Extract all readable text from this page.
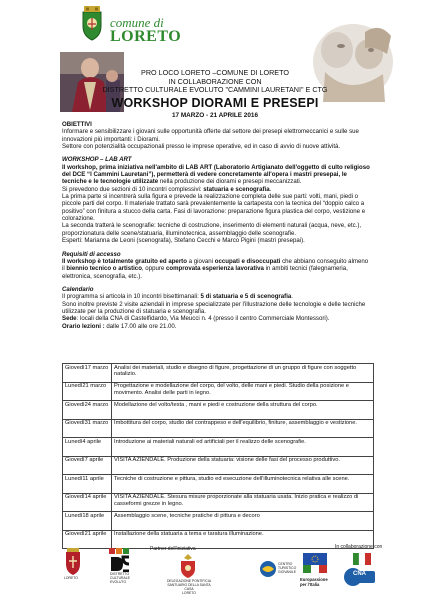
comune di
LORETO
PRO LOCO LORETO –COMUNE DI LORETO
IN COLLABORAZIONE CON
DISTRETTO CULTURALE EVOLUTO "CAMMINI LAURETANI" E CTG
WORKSHOP DIORAMI E PRESEPI
17 MARZO - 21 APRILE 2016

OBIETTIVI

Informare e sensibilizzare i giovani sulle opportunità offerte dal settore dei presepi elettromeccanici e sulle sue innovazioni più importanti: i Diorami.

Settore con potenzialità occupazionali presso le imprese operative, ed in caso di avvio di nuove attività.

WORKSHOP – LAB ART

Il workshop, prima iniziativa nell'ambito di LAB ART (Laboratorio Artigianato dell'oggetto di culto religioso del DCE “I Cammini Lauretani”), permetterà di vedere concretamente all'opera i mastri presepai, le tecniche e le tecnologie utilizzate nella produzione dei diorami e presepi meccanizzati.

Si prevedono due sezioni di 10 incontri complessivi: statuaria e scenografia.

La prima parte si incentrerà sulla figura e prevede la realizzazione completa delle sue parti: volti, mani, piedi o piccole parti del corpo. Il materiale trattato sarà prevalentemente la cartapesta con la tecnica del “doppio calco a positivo” con finitura a stucco della carta. Fasi di lavorazione: preparazione figura plastica del corpo, vestizione e colorazione.

La seconda tratterà le scenografie: tecniche di costruzione, inserimento di elementi naturali (acqua, neve, etc.), proporzionatura delle scene/statuaria, illuminotecnica, assemblaggio delle scenografie.

Esperti: Marianna de Leoni (scenografa), Stefano Cecchi e Marco Pigini (mastri presepai).

Requisiti di accesso

Il workshop è totalmente gratuito ed aperto a giovani occupati e disoccupati che abbiano conseguito almeno il biennio tecnico o artistico, oppure comprovata esperienza lavorativa in ambiti tecnici (falegnameria, elettronica, scenografia, etc.).

Calendario

Il programma si articola in 10 incontri bisettimanali: 5 di statuaria e 5 di scenografia.

Sono inoltre previste 2 visite aziendali in imprese specializzate per l'illustrazione delle tecnologie e delle tecniche utilizzate per la produzione di statuaria e scenografia.

Sede: locali della CNA di Castelfidardo, Via Meucci n. 4 (presso il centro Commerciale Montessori).

Orario lezioni : dalle 17.00 alle ore 21.00.

Giovedì17 marzo	Analisi dei materiali, studio e disegno di figure, progettazione di un gruppo di figure con soggetto natalizio.
Lunedì21 marzo	Progettazione e modellazione del corpo, del volto, delle mani e piedi. Studio della posizione e movimento. Analisi delle parti in legno.
Giovedì24 marzo	Modellazione del volto/testa , mani e piedi e costruzione della struttura del corpo.
Giovedì31 marzo	Imbottitura del corpo, studio del contrappeso e dell'equilibrio, finiture, assemblaggio e vestizione.
Lunedì4 aprile	Introduzione ai materiali naturali ed artificiali per il realizzo delle scenografie.
Giovedì7 aprile	VISITA AZIENDALE. Produzione della statuaria: visione delle fasi del processo produttivo.
Lunedì11 aprile	Tecniche di costruzione e pittura, studio ed esecuzione dell'illuminotecnica relativa alle scene.
Giovedì14 aprile	VISITA AZIENDALE. Stesura misure proporzionate alla statuaria usata. Inizio pratica e realizzo di casseformi grezze in legno.
Lunedì18 aprile	Assemblaggio scene, tecniche pratiche di pittura e decoro
Giovedì21 aprile	Installazione della statuaria a tema e taratura illuminazione.
Partner dell'iniziativa	In collaborazione con
LORETO
DISTRETTO
CULTURALE
EVOLUTO	DELEGAZIONE PONTIFICIA
SANTUARIO DELLA SANTA CASA
LORETO
CENTRO
TURISTICO
GIOVANILE
Europassione
per l'Italia
CNA
